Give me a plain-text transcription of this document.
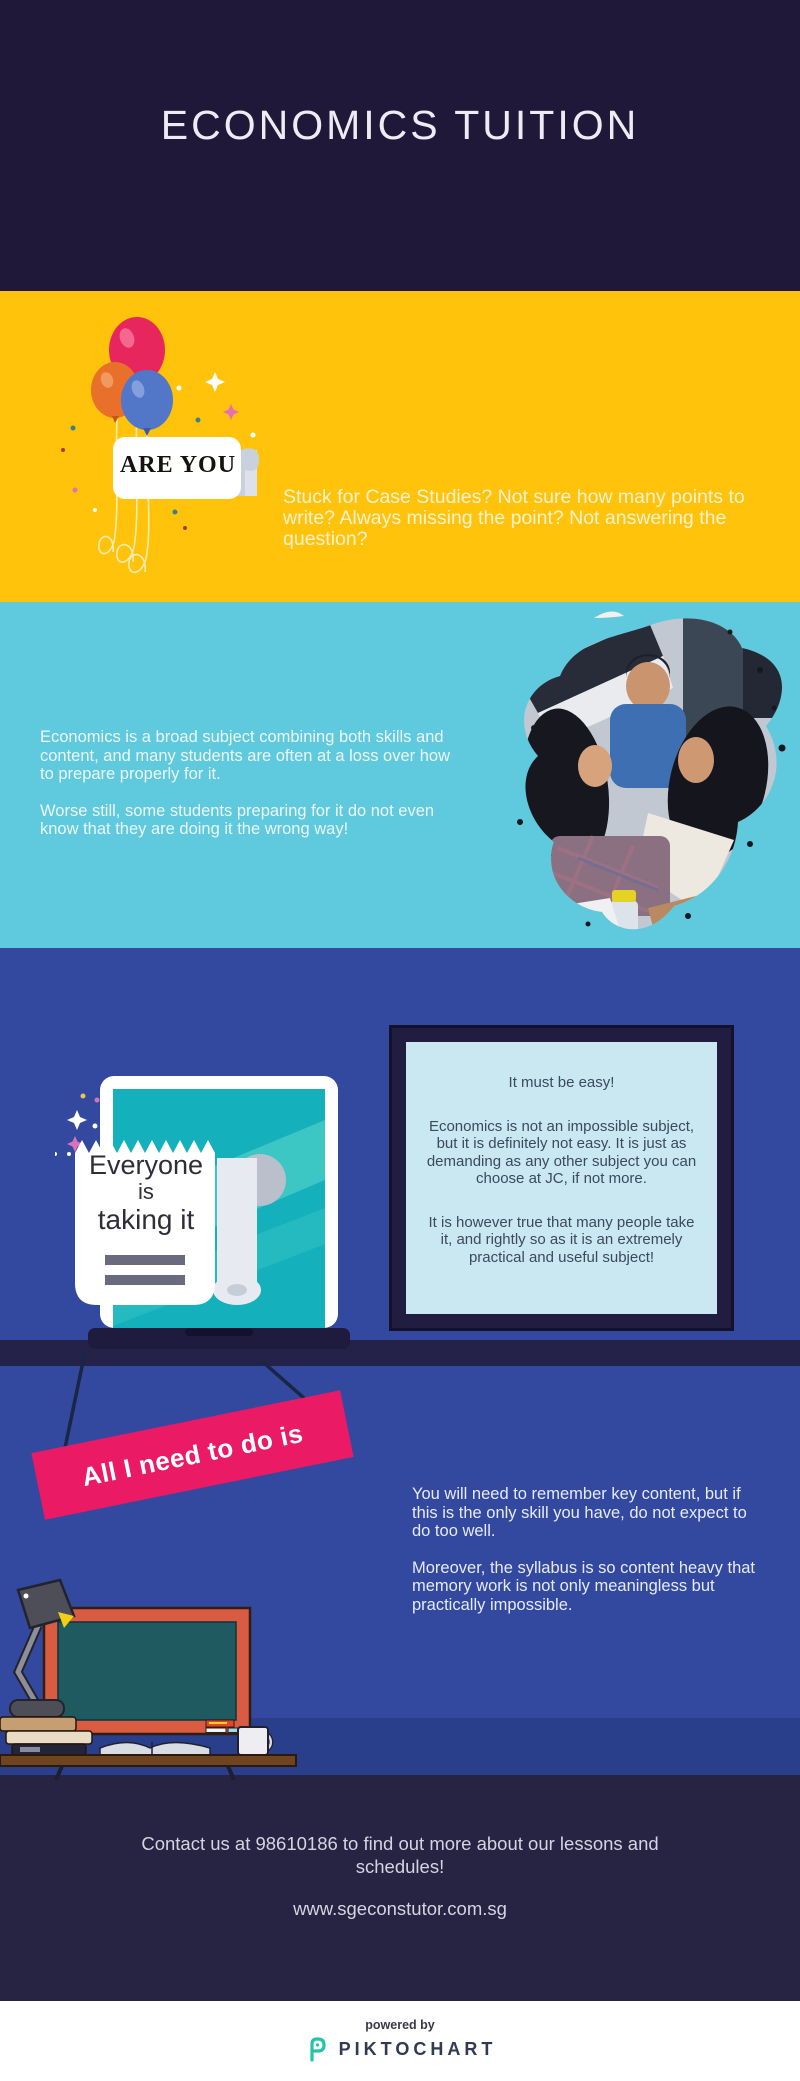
ECONOMICS TUITION
ARE YOU
Stuck for Case Studies? Not sure how many points to write? Always missing the point? Not answering the question?

Economics is a broad subject combining both skills and content, and many students are often at a loss over how to prepare properly for it.

Worse still, some students preparing for it do not even know that they are doing it the wrong way!

Everyone
is
taking it

It must be easy!

Economics is not an impossible subject, but it is definitely not easy. It is just as demanding as any other subject you can choose at JC, if not more.

It is however true that many people take it, and rightly so as it is an extremely practical and useful subject!

All I need to do is

You will need to remember key content, but if this is the only skill you have, do not expect to do too well.

Moreover, the syllabus is so content heavy that memory work is not only meaningless but practically impossible.

Contact us at 98610186 to find out more about our lessons and schedules!
www.sgeconstutor.com.sg
powered by
PIKTOCHART
